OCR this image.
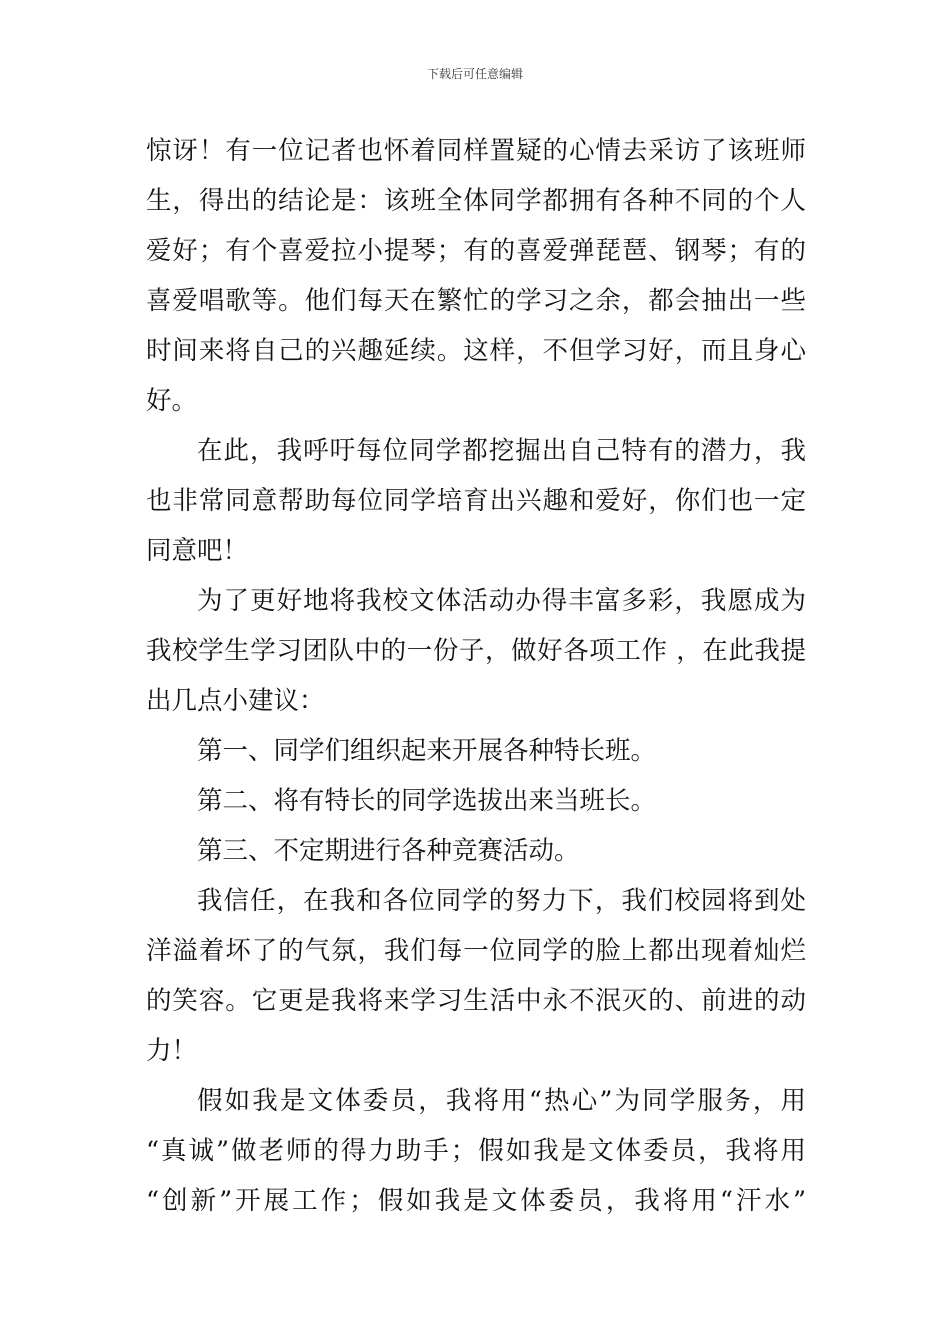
下载后可任意编辑
惊讶！有一位记者也怀着同样置疑的心情去采访了该班师
生，得出的结论是：该班全体同学都拥有各种不同的个人
爱好；有个喜爱拉小提琴；有的喜爱弹琵琶、钢琴；有的
喜爱唱歌等。他们每天在繁忙的学习之余，都会抽出一些
时间来将自己的兴趣延续。这样，不但学习好，而且身心
好。
在此，我呼吁每位同学都挖掘出自己特有的潜力，我
也非常同意帮助每位同学培育出兴趣和爱好，你们也一定
同意吧！
为了更好地将我校文体活动办得丰富多彩，我愿成为
我校学生学习团队中的一份子，做好各项工作 ，在此我提
出几点小建议：
第一、同学们组织起来开展各种特长班。
第二、将有特长的同学选拔出来当班长。
第三、不定期进行各种竞赛活动。
我信任，在我和各位同学的努力下，我们校园将到处
洋溢着坏了的气氛，我们每一位同学的脸上都出现着灿烂
的笑容。它更是我将来学习生活中永不泯灭的、前进的动
力！
假如我是文体委员，我将用“热心”为同学服务，用
“真诚”做老师的得力助手；假如我是文体委员，我将用
“创新”开展工作；假如我是文体委员，我将用“汗水”
